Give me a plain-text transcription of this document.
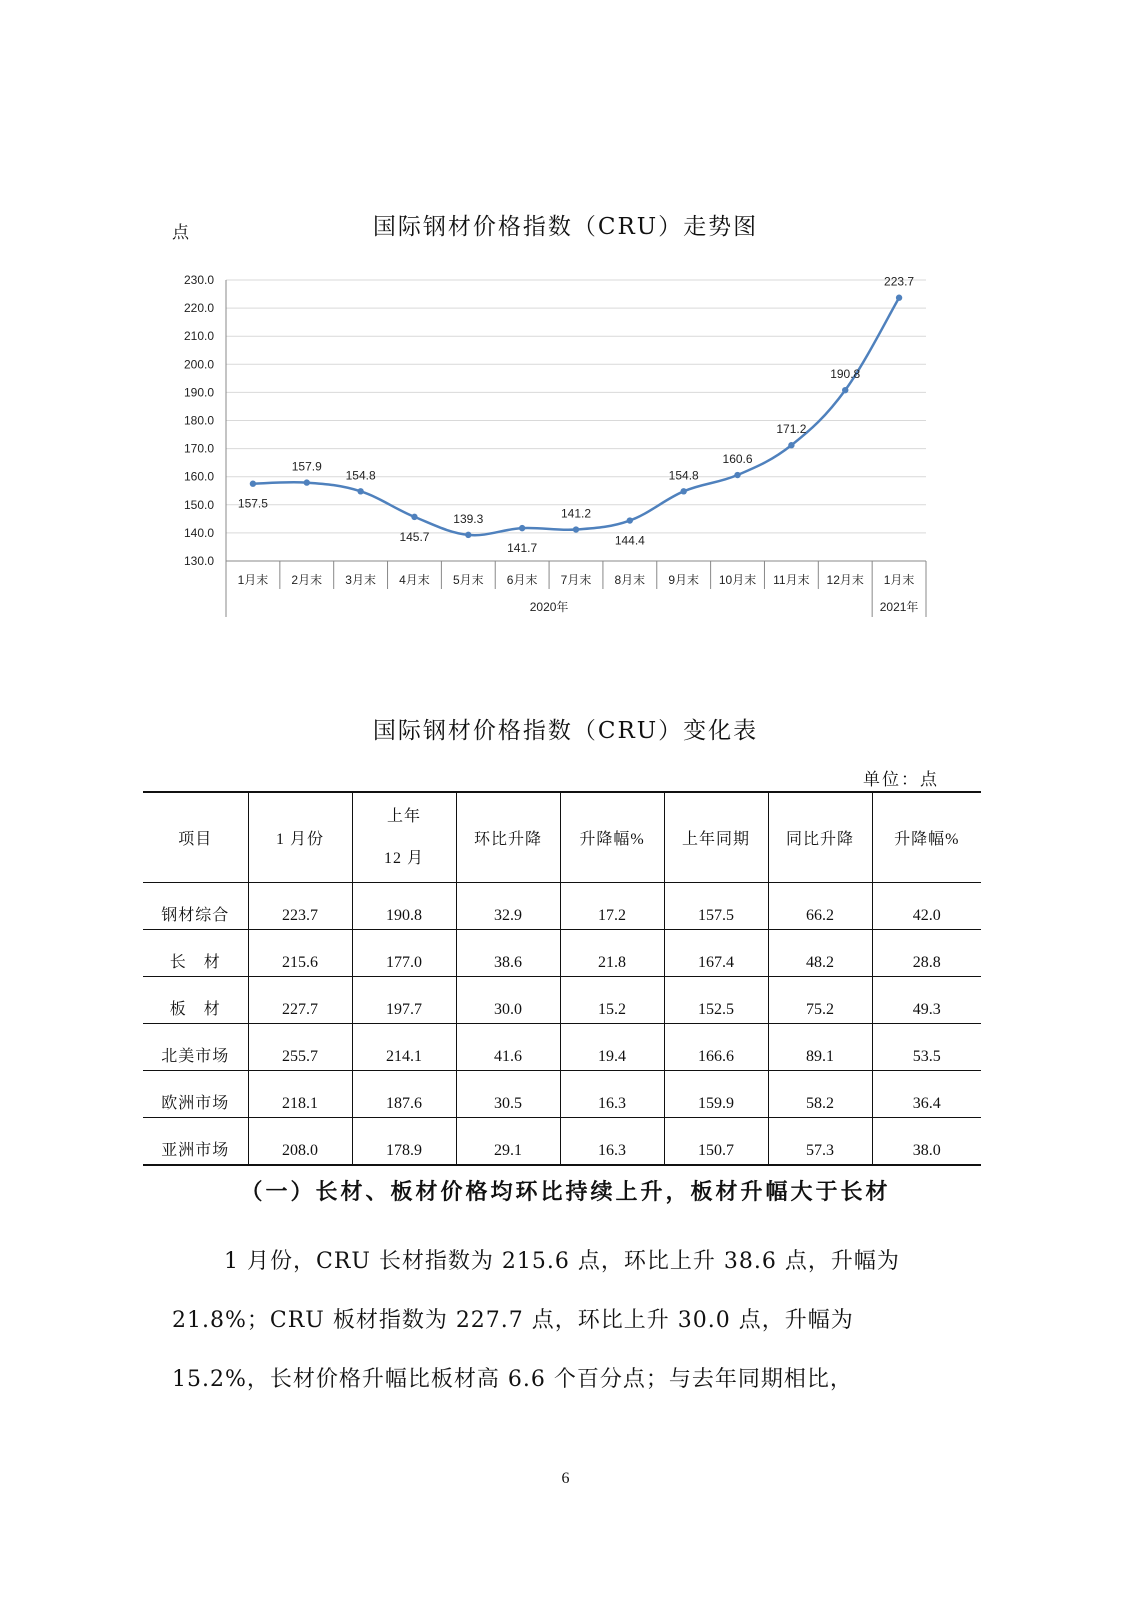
点	国际钢材价格指数（CRU）走势图
130.0
140.0
150.0
160.0
170.0
180.0
190.0
200.0
210.0
220.0
230.0
1月末 2月末 3月末 4月末 5月末 6月末 7月末 8月末 9月末 10月末 11月末 12月末 1月末
2020年	2021年
157.5
157.9
154.8
145.7
139.3
141.7
141.2
144.4
154.8
160.6
171.2
190.8
223.7
国际钢材价格指数（CRU）变化表
单位：点
项目	1 月份	上年
12 月	环比升降	升降幅%	上年同期	同比升降	升降幅%
钢材综合	223.7	190.8	32.9	17.2	157.5	66.2	42.0
长　材	215.6	177.0	38.6	21.8	167.4	48.2	28.8
板　材	227.7	197.7	30.0	15.2	152.5	75.2	49.3
北美市场	255.7	214.1	41.6	19.4	166.6	89.1	53.5
欧洲市场	218.1	187.6	30.5	16.3	159.9	58.2	36.4
亚洲市场	208.0	178.9	29.1	16.3	150.7	57.3	38.0
（一）长材、板材价格均环比持续上升，板材升幅大于长材
1 月份，CRU 长材指数为 215.6 点，环比上升 38.6 点，升幅为
21.8%；CRU 板材指数为 227.7 点，环比上升 30.0 点，升幅为
15.2%，长材价格升幅比板材高 6.6 个百分点；与去年同期相比，
6
